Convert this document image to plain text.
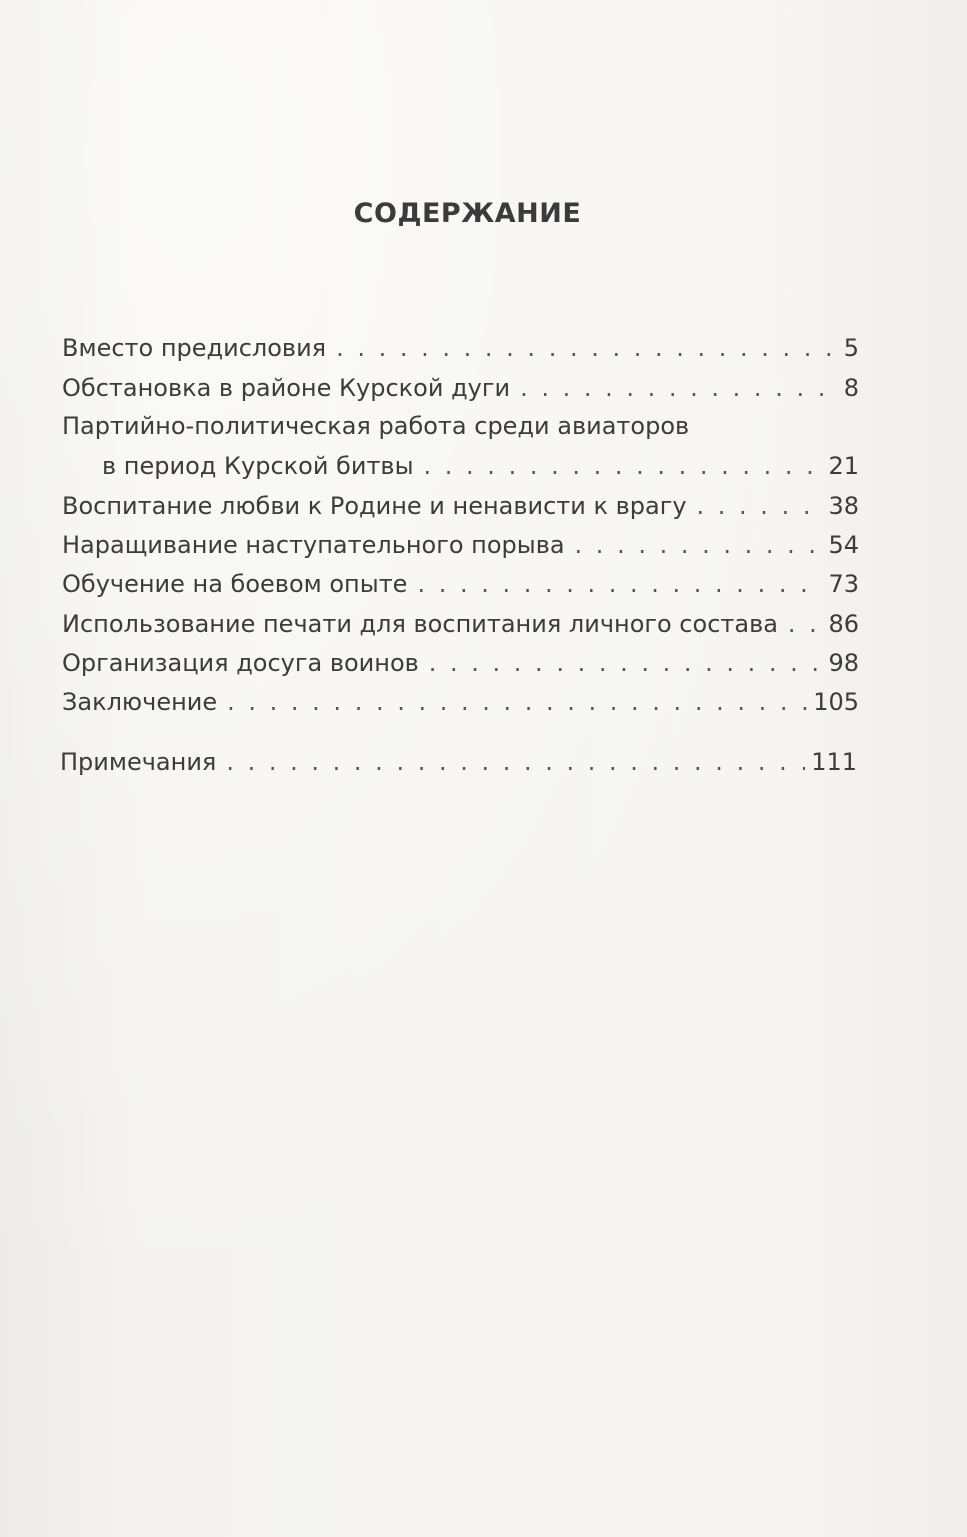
СОДЕРЖАНИЕ
Вместо предисловия . . .	5
Обстановка в районе Курской дуги . . .	8
Партийно-политическая работа среди авиаторов
в период Курской битвы . . .	21
Воспитание любви к Родине и ненависти к врагу . . .	38
Наращивание наступательного порыва . . .	54
Обучение на боевом опыте . . .	73
Использование печати для воспитания личного состава . . . 86
Организация досуга воинов . . .	98
Заключение . . .	105
Примечания . . .	111
